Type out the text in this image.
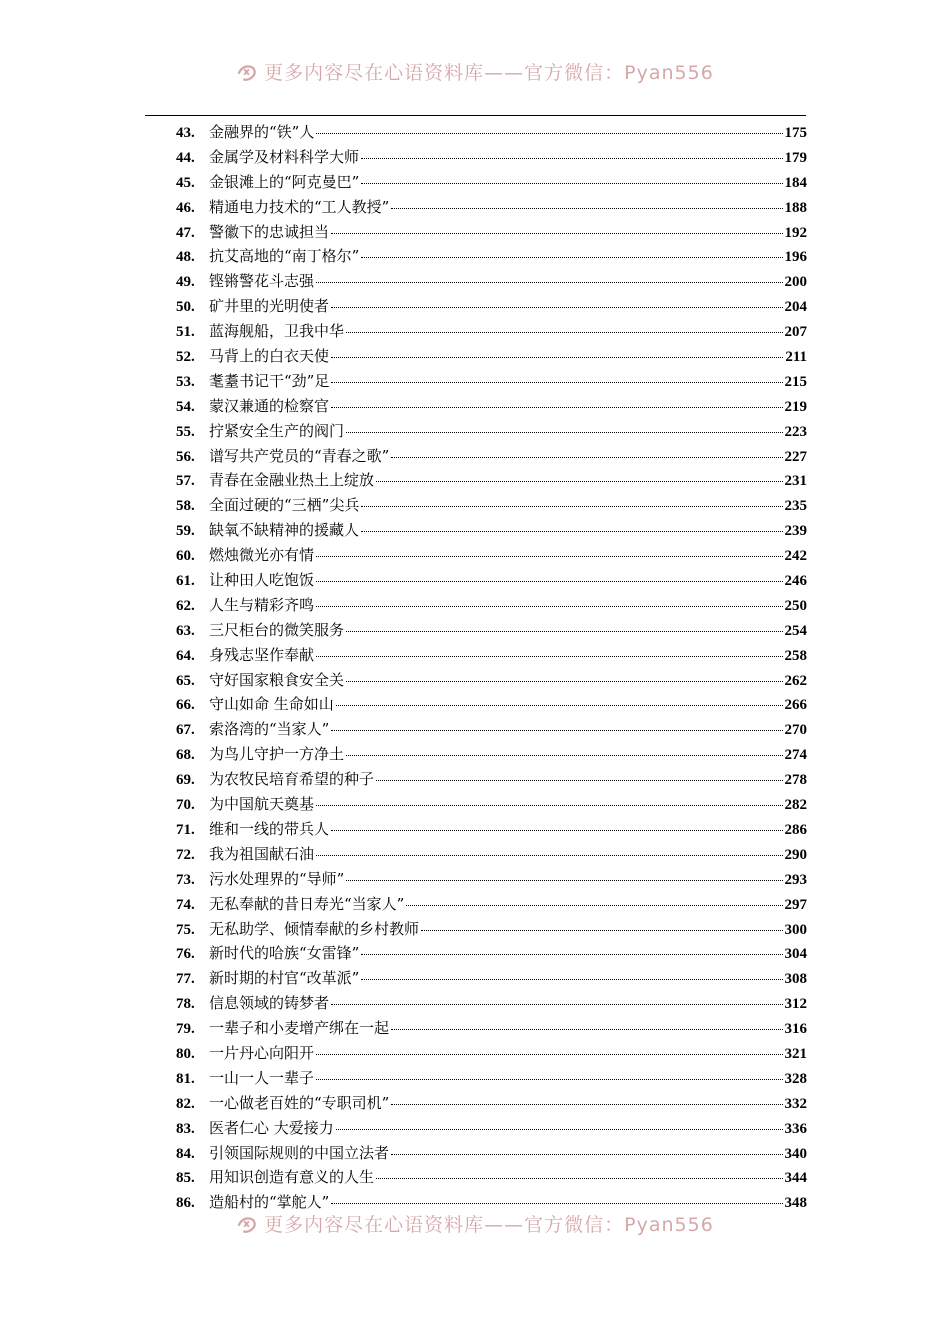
更多内容尽在心语资料库——官方微信：Pyan556
43. 金融界的“铁”人	175
44. 金属学及材料科学大师	179
45. 金银滩上的“阿克曼巴”	184
46. 精通电力技术的“工人教授”	188
47. 警徽下的忠诚担当	192
48. 抗艾高地的“南丁格尔”	196
49. 铿锵警花斗志强	200
50. 矿井里的光明使者	204
51. 蓝海舰船，卫我中华	207
52. 马背上的白衣天使	211
53. 耄耋书记干“劲”足	215
54. 蒙汉兼通的检察官	219
55. 拧紧安全生产的阀门	223
56. 谱写共产党员的“青春之歌”	227
57. 青春在金融业热土上绽放	231
58. 全面过硬的“三栖”尖兵	235
59. 缺氧不缺精神的援藏人	239
60. 燃烛微光亦有情	242
61. 让种田人吃饱饭	246
62. 人生与精彩齐鸣	250
63. 三尺柜台的微笑服务	254
64. 身残志坚作奉献	258
65. 守好国家粮食安全关	262
66. 守山如命 生命如山	266
67. 索洛湾的“当家人”	270
68. 为鸟儿守护一方净土	274
69. 为农牧民培育希望的种子	278
70. 为中国航天奠基	282
71. 维和一线的带兵人	286
72. 我为祖国献石油	290
73. 污水处理界的“导师”	293
74. 无私奉献的昔日寿光“当家人”	297
75. 无私助学、倾情奉献的乡村教师	300
76. 新时代的哈族“女雷锋”	304
77. 新时期的村官“改革派”	308
78. 信息领域的铸梦者	312
79. 一辈子和小麦增产绑在一起	316
80. 一片丹心向阳开	321
81. 一山一人一辈子	328
82. 一心做老百姓的“专职司机”	332
83. 医者仁心 大爱接力	336
84. 引领国际规则的中国立法者	340
85. 用知识创造有意义的人生	344
86. 造船村的“掌舵人”	348
更多内容尽在心语资料库——官方微信：Pyan556
